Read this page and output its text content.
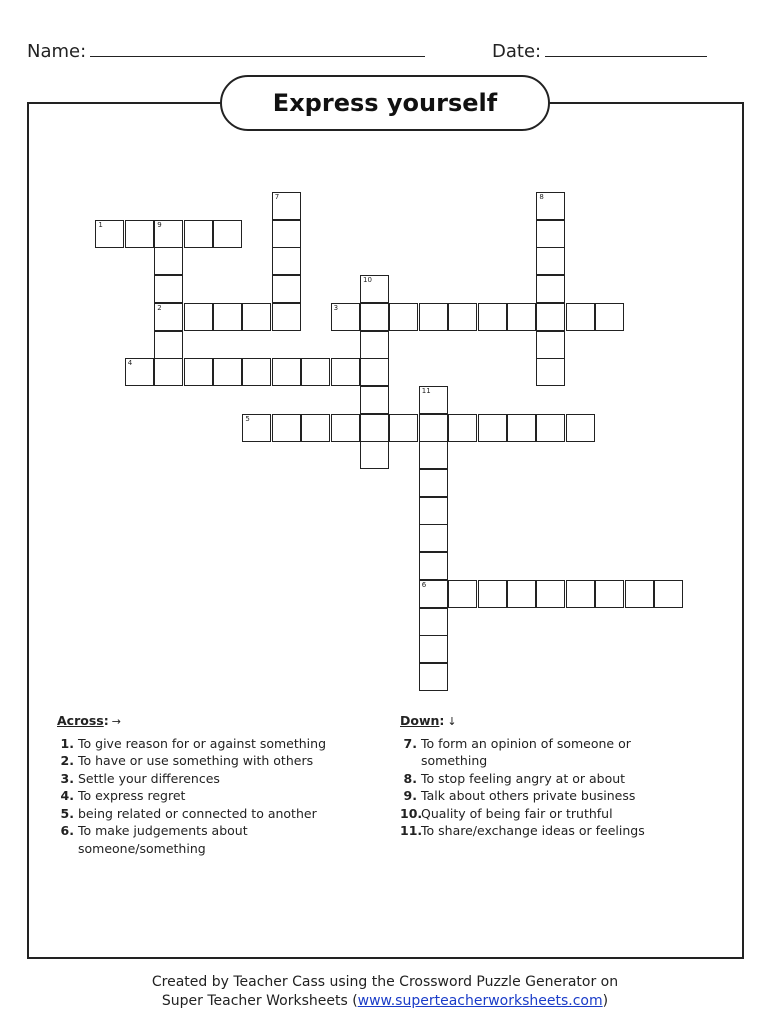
Name:	Date:
Express yourself
1	9
7
2
8
10
3
4
11
5
6
Across: →
1. To give reason for or against something
2. To have or use something with others
3. Settle your differences
4. To express regret
5. being related or connected to another
6. To make judgements about someone/something
Down: ↓
7. To form an opinion of someone or something
8. To stop feeling angry at or about
9. Talk about others private business
10.
Quality of being fair or truthful
11.
To share/exchange ideas or feelings
Created by Teacher Cass using the Crossword Puzzle Generator on
Super Teacher Worksheets (www.superteacherworksheets.com)
